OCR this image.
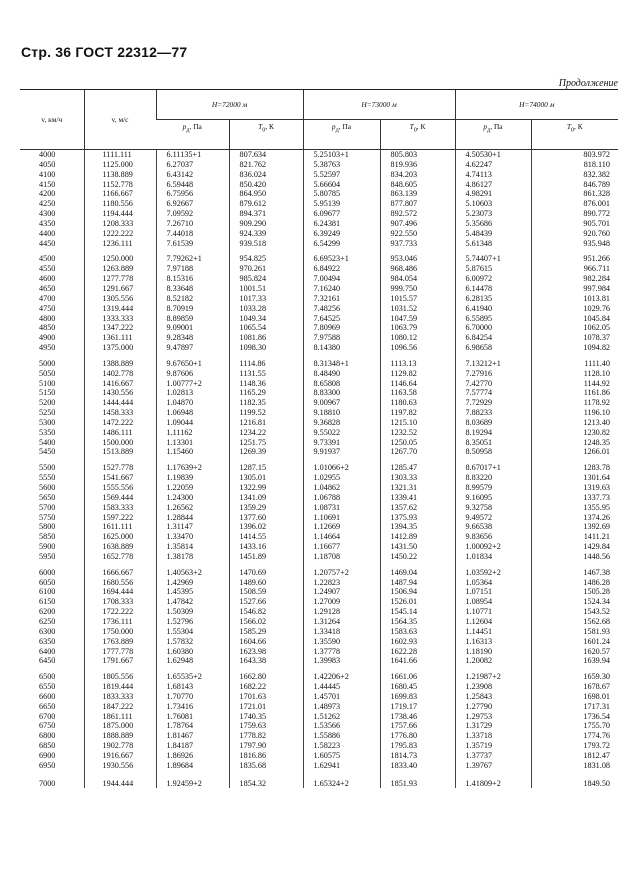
Стр. 36 ГОСТ 22312—77
Продолжение
v, км/ч	v, м/с	H=72000 м		H=73000 м		H=74000 м	
		$p_д$, Па	$T_0$, К	$p_д$, Па	$T_0$, К	$p_д$, Па	$T_0$, К
4000	1111.111	6.11135+1	807.634	5.25103+1	805.803	4.50530+1	803.972
4050	1125.000	6.27037	821.762	5.38763	819.936	4.62247	818.110
4100	1138.889	6.43142	836.024	5.52597	834.203	4.74113	832.382
4150	1152.778	6.59448	850.420	5.66604	848.605	4.86127	846.789
4200	1166.667	6.75956	864.950	5.80785	863.139	4.98291	861.328
4250	1180.556	6.92667	879.612	5.95139	877.807	5.10603	876.001
4300	1194.444	7.09592	894.371	6.09677	892.572	5.23073	890.772
4350	1208.333	7.26710	909.290	6.24381	907.496	5.35686	905.701
4400	1222.222	7.44018	924.339	6.39249	922.550	5.48439	920.760
4450	1236.111	7.61539	939.518	6.54299	937.733	5.61348	935.948
4500	1250.000	7.79262+1	954.825	6.69523+1	953.046	5.74407+1	951.266
4550	1263.889	7.97188	970.261	6.84922	968.486	5.87615	966.711
4600	1277.778	8.15316	985.824	7.00494	984.054	6.00972	982.284
4650	1291.667	8.33648	1001.51	7.16240	999.750	6.14478	997.984
4700	1305.556	8.52182	1017.33	7.32161	1015.57	6.28135	1013.81
4750	1319.444	8.70919	1033.28	7.48256	1031.52	6.41940	1029.76
4800	1333.333	8.89859	1049.34	7.64525	1047.59	6.55895	1045.84
4850	1347.222	9.09001	1065.54	7.80969	1063.79	6.70000	1062.05
4900	1361.111	9.28348	1081.86	7.97588	1080.12	6.84254	1078.37
4950	1375.000	9.47897	1098.30	8.14380	1096.56	6.98658	1094.82
5000	1388.889	9.67650+1	1114.86	8.31348+1	1113.13	7.13212+1	1111.40
5050	1402.778	9.87606	1131.55	8.48490	1129.82	7.27916	1128.10
5100	1416.667	1.00777+2	1148.36	8.65808	1146.64	7.42770	1144.92
5150	1430.556	1.02813	1165.29	8.83300	1163.58	7.57774	1161.86
5200	1444.444	1.04870	1182.35	9.00967	1180.63	7.72929	1178.92
5250	1458.333	1.06948	1199.52	9.18810	1197.82	7.88233	1196.10
5300	1472.222	1.09044	1216.81	9.36828	1215.10	8.03689	1213.40
5350	1486.111	1.11162	1234.22	9.55022	1232.52	8.19294	1230.82
5400	1500.000	1.13301	1251.75	9.73391	1250.05	8.35051	1248.35
5450	1513.889	1.15460	1269.39	9.91937	1267.70	8.50958	1266.01
5500	1527.778	1.17639+2	1287.15	1.01066+2	1285.47	8.67017+1	1283.78
5550	1541.667	1.19839	1305.01	1.02955	1303.33	8.83220	1301.64
5600	1555.556	1.22059	1322.99	1.04862	1321.31	8.99579	1319.63
5650	1569.444	1.24300	1341.09	1.06788	1339.41	9.16095	1337.73
5700	1583.333	1.26562	1359.29	1.08731	1357.62	9.32758	1355.95
5750	1597.222	1.28844	1377.60	1.10691	1375.93	9.49572	1374.26
5800	1611.111	1.31147	1396.02	1.12669	1394.35	9.66538	1392.69
5850	1625.000	1.33470	1414.55	1.14664	1412.89	9.83656	1411.21
5900	1638.889	1.35814	1433.16	1.16677	1431.50	1.00092+2	1429.84
5950	1652.778	1.38178	1451.89	1.18708	1450.22	1.01834	1448.56
6000	1666.667	1.40563+2	1470.69	1.20757+2	1469.04	1.03592+2	1467.38
6050	1680.556	1.42969	1489.60	1.22823	1487.94	1.05364	1486.28
6100	1694.444	1.45395	1508.59	1.24907	1506.94	1.07151	1505.28
6150	1708.333	1.47842	1527.66	1.27009	1526.01	1.08954	1524.34
6200	1722.222	1.50309	1546.82	1.29128	1545.14	1.10771	1543.52
6250	1736.111	1.52796	1566.02	1.31264	1564.35	1.12604	1562.68
6300	1750.000	1.55304	1585.29	1.33418	1583.63	1.14451	1581.93
6350	1763.889	1.57832	1604.66	1.35590	1602.93	1.16313	1601.24
6400	1777.778	1.60380	1623.98	1.37778	1622.28	1.18190	1620.57
6450	1791.667	1.62948	1643.38	1.39983	1641.66	1.20082	1639.94
6500	1805.556	1.65535+2	1662.80	1.42206+2	1661.06	1.21987+2	1659.30
6550	1819.444	1.68143	1682.22	1.44445	1680.45	1.23908	1678.67
6600	1833.333	1.70770	1701.63	1.45701	1699.83	1.25843	1698.01
6650	1847.222	1.73416	1721.01	1.48973	1719.17	1.27790	1717.31
6700	1861.111	1.76081	1740.35	1.51262	1738.46	1.29753	1736.54
6750	1875.000	1.78764	1759.63	1.53566	1757.66	1.31729	1755.70
6800	1888.889	1.81467	1778.82	1.55886	1776.80	1.33718	1774.76
6850	1902.778	1.84187	1797.90	1.58223	1795.83	1.35719	1793.72
6900	1916.667	1.86926	1816.86	1.60575	1814.73	1.37737	1812.47
6950	1930.556	1.89684	1835.68	1.62941	1833.40	1.39767	1831.08
7000	1944.444	1.92459+2	1854.32	1.65324+2	1851.93	1.41809+2	1849.50
